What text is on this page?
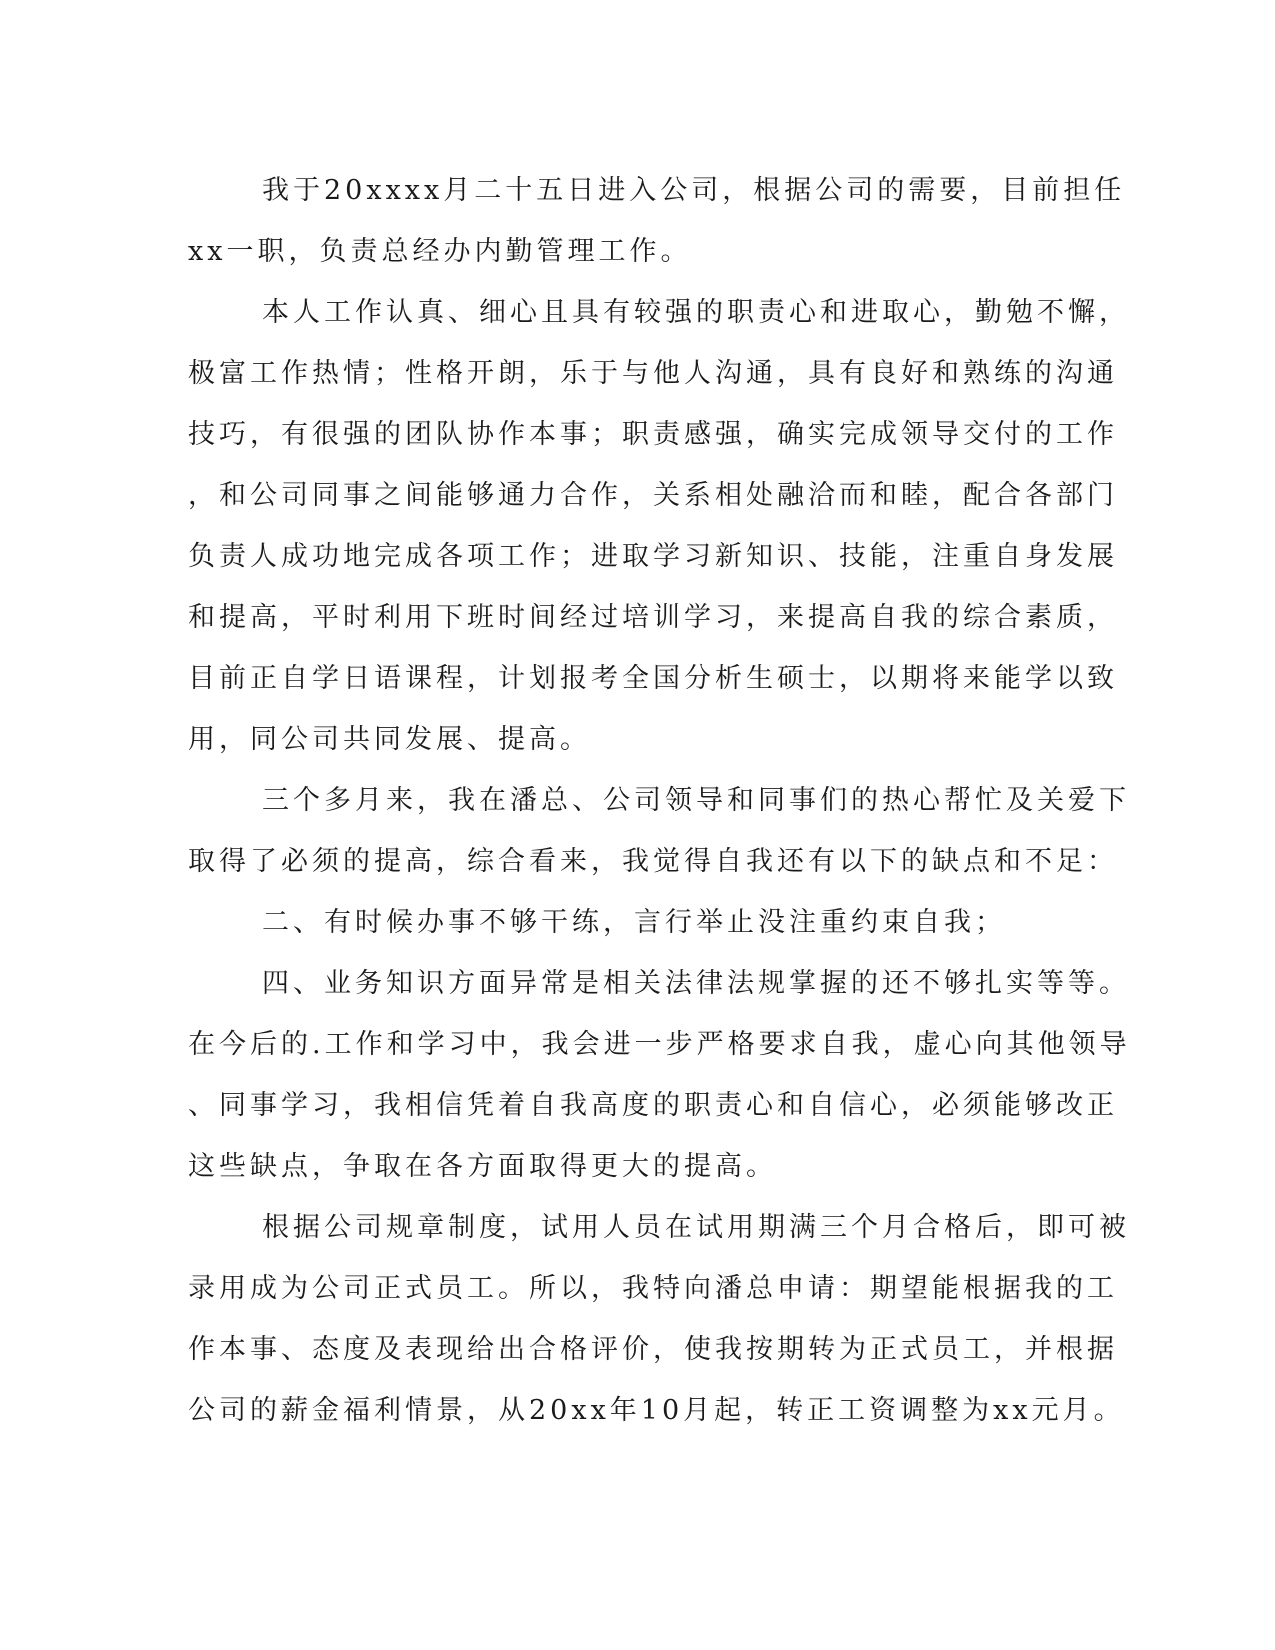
我于20xxxx月二十五日进入公司，根据公司的需要，目前担任
xx一职，负责总经办内勤管理工作。
本人工作认真、细心且具有较强的职责心和进取心，勤勉不懈，
极富工作热情；性格开朗，乐于与他人沟通，具有良好和熟练的沟通
技巧，有很强的团队协作本事；职责感强，确实完成领导交付的工作
，和公司同事之间能够通力合作，关系相处融洽而和睦，配合各部门
负责人成功地完成各项工作；进取学习新知识、技能，注重自身发展
和提高，平时利用下班时间经过培训学习，来提高自我的综合素质，
目前正自学日语课程，计划报考全国分析生硕士，以期将来能学以致
用，同公司共同发展、提高。
三个多月来，我在潘总、公司领导和同事们的热心帮忙及关爱下
取得了必须的提高，综合看来，我觉得自我还有以下的缺点和不足：
二、有时候办事不够干练，言行举止没注重约束自我；
四、业务知识方面异常是相关法律法规掌握的还不够扎实等等。
在今后的.工作和学习中，我会进一步严格要求自我，虚心向其他领导
、同事学习，我相信凭着自我高度的职责心和自信心，必须能够改正
这些缺点，争取在各方面取得更大的提高。
根据公司规章制度，试用人员在试用期满三个月合格后，即可被
录用成为公司正式员工。所以，我特向潘总申请：期望能根据我的工
作本事、态度及表现给出合格评价，使我按期转为正式员工，并根据
公司的薪金福利情景，从20xx年10月起，转正工资调整为xx元月。
